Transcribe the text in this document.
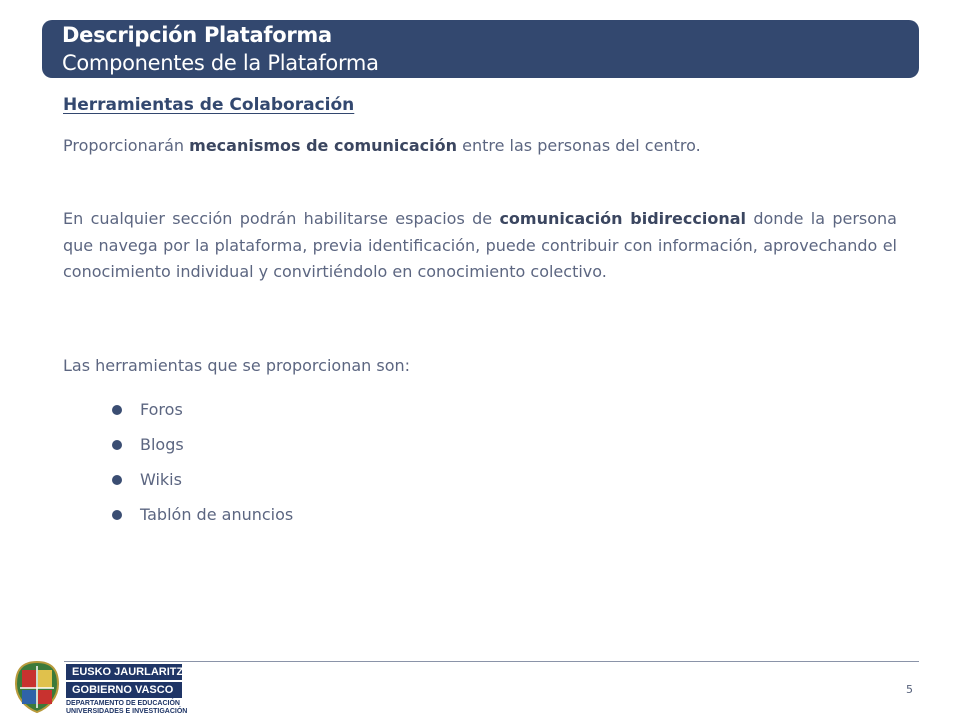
Descripción Plataforma
Componentes de la Plataforma
Herramientas de Colaboración

Proporcionarán mecanismos de comunicación entre las personas del centro.

En cualquier sección podrán habilitarse espacios de comunicación bidireccional donde la persona que navega por la plataforma, previa identificación, puede contribuir con información, aprovechando el conocimiento individual y convirtiéndolo en conocimiento colectivo.

Las herramientas que se proporcionan son:

Foros
Blogs
Wikis
Tablón de anuncios
5
EUSKO JAURLARITZA
GOBIERNO VASCO
DEPARTAMENTO DE EDUCACIÓN
UNIVERSIDADES E INVESTIGACIÓN
